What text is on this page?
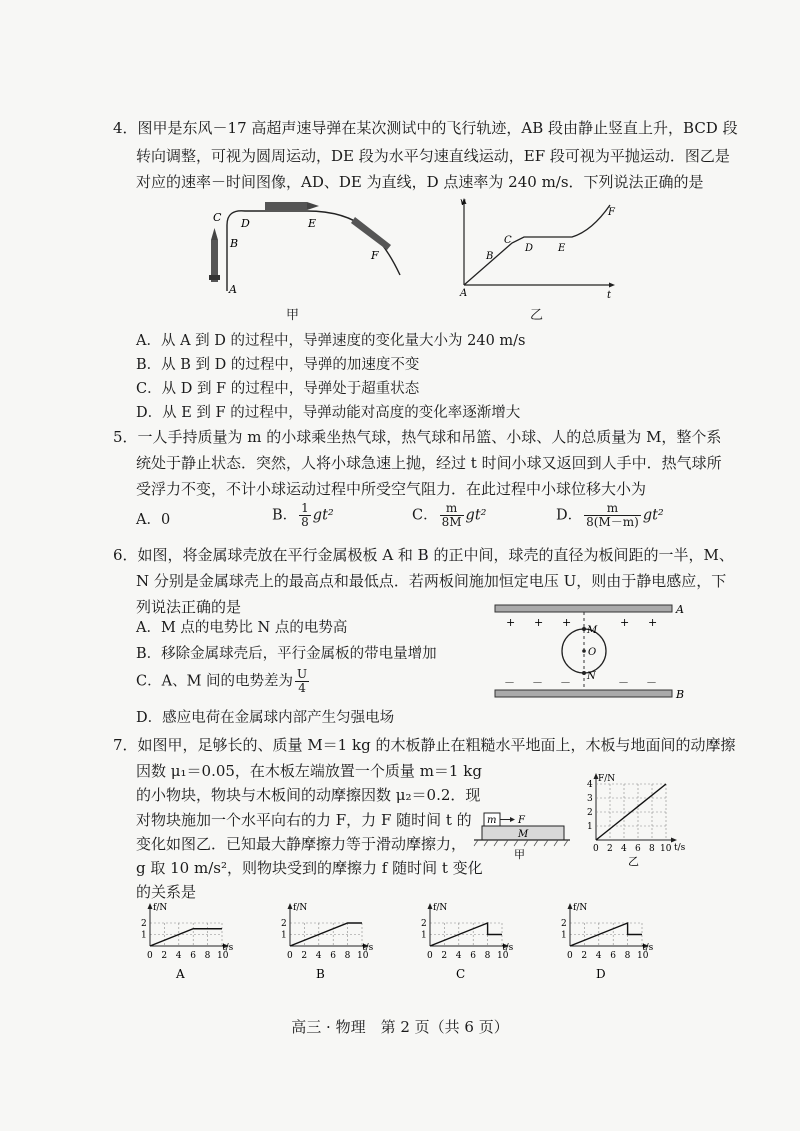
4．图甲是东风－17 高超声速导弹在某次测试中的飞行轨迹，AB 段由静止竖直上升，BCD 段
转向调整，可视为圆周运动，DE 段为水平匀速直线运动，EF 段可视为平抛运动．图乙是
对应的速率－时间图像，AD、DE 为直线，D 点速率为 240 m/s．下列说法正确的是
A
B
C D	E
F
甲
v
t
A
B
C
D E
F
乙
A．从 A 到 D 的过程中，导弹速度的变化量大小为 240 m/s
B．从 B 到 D 的过程中，导弹的加速度不变
C．从 D 到 F 的过程中，导弹处于超重状态
D．从 E 到 F 的过程中，导弹动能对高度的变化率逐渐增大
5．一人手持质量为 m 的小球乘坐热气球，热气球和吊篮、小球、人的总质量为 M，整个系
统处于静止状态．突然，人将小球急速上抛，经过 t 时间小球又返回到人手中．热气球所
受浮力不变，不计小球运动过程中所受空气阻力．在此过程中小球位移大小为
A．0	B． $\frac{1}{8} gt^2$	C． $\frac{m}{8M} gt^2$	D． $\frac{m}{8(M-m)} gt^2$
6．如图，将金属球壳放在平行金属极板 A 和 B 的正中间，球壳的直径为板间距的一半，M、
N 分别是金属球壳上的最高点和最低点．若两板间施加恒定电压 U，则由于静电感应，下
列说法正确的是
A．M 点的电势比 N 点的电势高
B．移除金属球壳后，平行金属板的带电量增加
C．A、M 间的电势差为 $\frac{U}{4}$
D．感应电荷在金属球内部产生匀强电场
A
B
+ + +	+ +
－ － －	－ －
M
O
N
7．如图甲，足够长的、质量 M＝1 kg 的木板静止在粗糙水平地面上，木板与地面间的动摩擦
因数 μ₁＝0.05，在木板左端放置一个质量 m＝1 kg
的小物块，物块与木板间的动摩擦因数 μ₂＝0.2．现
对物块施加一个水平向右的力 F，力 F 随时间 t 的
变化如图乙．已知最大静摩擦力等于滑动摩擦力，
g 取 10 m/s²，则物块受到的摩擦力 f 随时间 t 变化
的关系是
m F
M
甲
F/N
t/s
1
2
3
4
0 2 4 6 8 10
乙
高三 · 物理　第 2 页（共 6 页）
f/N
t/s
1
2
0 2 4 6 8 10
A
f/N
t/s
1
2
0 2 4 6 8 10
B
f/N
t/s
1
2
0 2 4 6 8 10
C
f/N
t/s
1
2
0 2 4 6 8 10
D
